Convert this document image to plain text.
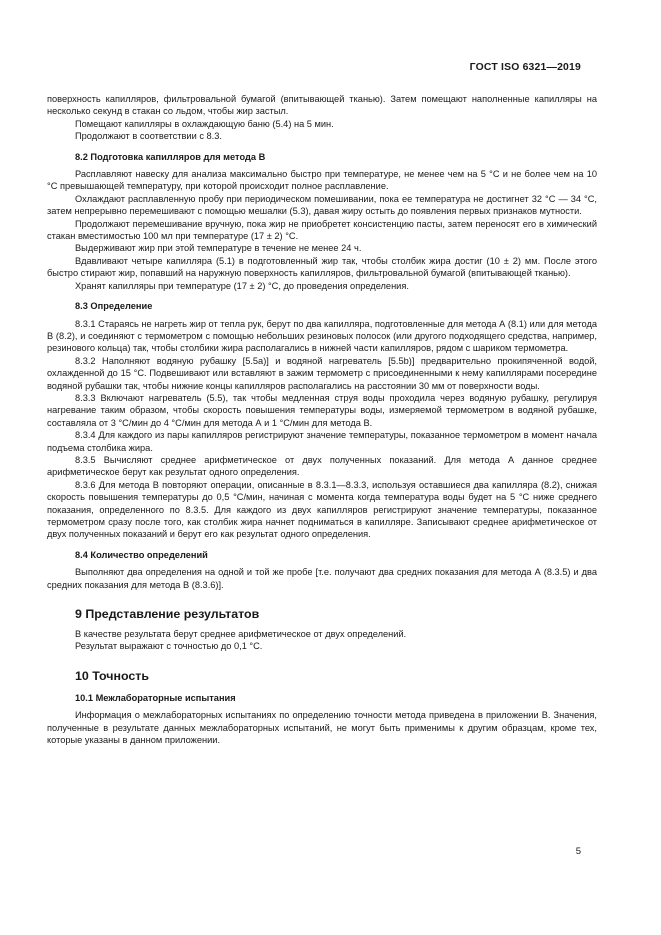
ГОСТ ISO 6321—2019

поверхность капилляров, фильтровальной бумагой (впитывающей тканью). Затем помещают наполненные капилляры на несколько секунд в стакан со льдом, чтобы жир застыл.

Помещают капилляры в охлаждающую баню (5.4) на 5 мин.

Продолжают в соответствии с 8.3.

8.2 Подготовка капилляров для метода В

Расплавляют навеску для анализа максимально быстро при температуре, не менее чем на 5 °C и не более чем на 10 °C превышающей температуру, при которой происходит полное расплавление.

Охлаждают расплавленную пробу при периодическом помешивании, пока ее температура не достигнет 32 °C — 34 °C, затем непрерывно перемешивают с помощью мешалки (5.3), давая жиру остыть до появления первых признаков мутности.

Продолжают перемешивание вручную, пока жир не приобретет консистенцию пасты, затем переносят его в химический стакан вместимостью 100 мл при температуре (17 ± 2) °C.

Выдерживают жир при этой температуре в течение не менее 24 ч.

Вдавливают четыре капилляра (5.1) в подготовленный жир так, чтобы столбик жира достиг (10 ± 2) мм. После этого быстро стирают жир, попавший на наружную поверхность капилляров, фильтровальной бумагой (впитывающей тканью).

Хранят капилляры при температуре (17 ± 2) °C, до проведения определения.

8.3 Определение

8.3.1 Стараясь не нагреть жир от тепла рук, берут по два капилляра, подготовленные для метода А (8.1) или для метода В (8.2), и соединяют с термометром с помощью небольших резиновых полосок (или другого подходящего средства, например, резинового кольца) так, чтобы столбики жира располагались в нижней части капилляров, рядом с шариком термометра.

8.3.2 Наполняют водяную рубашку [5.5а)] и водяной нагреватель [5.5b)] предварительно прокипяченной водой, охлажденной до 15 °C. Подвешивают или вставляют в зажим термометр с присоединенными к нему капиллярами посередине водяной рубашки так, чтобы нижние концы капилляров располагались на расстоянии 30 мм от поверхности воды.

8.3.3 Включают нагреватель (5.5), так чтобы медленная струя воды проходила через водяную рубашку, регулируя нагревание таким образом, чтобы скорость повышения температуры воды, измеряемой термометром в водяной рубашке, составляла от 3 °C/мин до 4 °C/мин для метода А и 1 °C/мин для метода В.

8.3.4 Для каждого из пары капилляров регистрируют значение температуры, показанное термометром в момент начала подъема столбика жира.

8.3.5 Вычисляют среднее арифметическое от двух полученных показаний. Для метода А данное среднее арифметическое берут как результат одного определения.

8.3.6 Для метода В повторяют операции, описанные в 8.3.1—8.3.3, используя оставшиеся два капилляра (8.2), снижая скорость повышения температуры до 0,5 °C/мин, начиная с момента когда температура воды будет на 5 °C ниже среднего показания, определенного по 8.3.5. Для каждого из двух капилляров регистрируют значение температуры, показанное термометром сразу после того, как столбик жира начнет подниматься в капилляре. Записывают среднее арифметическое от двух полученных показаний и берут его как результат одного определения.

8.4 Количество определений

Выполняют два определения на одной и той же пробе [т.е. получают два средних показания для метода А (8.3.5) и два средних показания для метода В (8.3.6)].

9 Представление результатов

В качестве результата берут среднее арифметическое от двух определений.

Результат выражают с точностью до 0,1 °C.

10 Точность
10.1 Межлабораторные испытания

Информация о межлабораторных испытаниях по определению точности метода приведена в приложении В. Значения, полученные в результате данных межлабораторных испытаний, не могут быть применимы к другим образцам, кроме тех, которые указаны в данном приложении.

5
